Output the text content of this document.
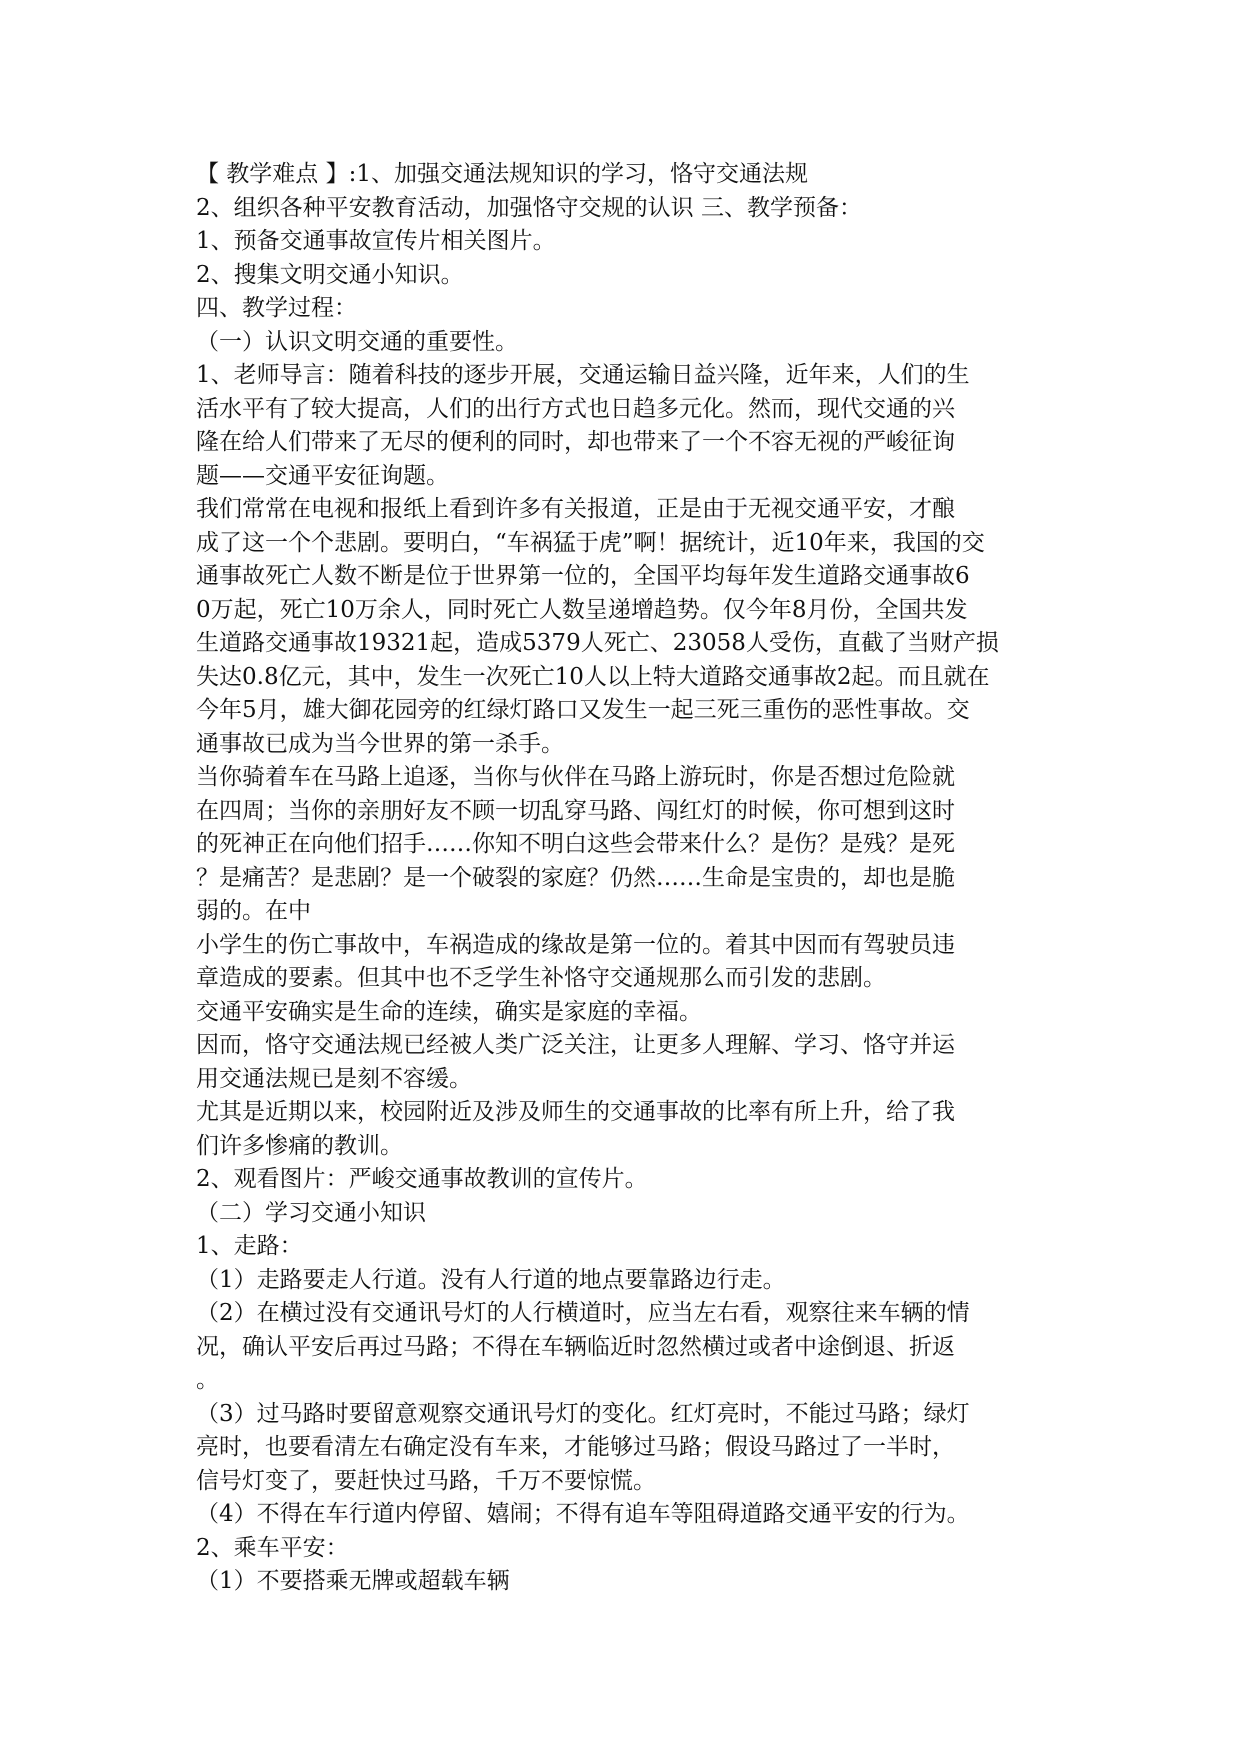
【 教学难点 】:1、加强交通法规知识的学习，恪守交通法规
2、组织各种平安教育活动，加强恪守交规的认识 三、教学预备：
1、预备交通事故宣传片相关图片。
2、搜集文明交通小知识。
四、教学过程：
（一）认识文明交通的重要性。
1、老师导言：随着科技的逐步开展，交通运输日益兴隆，近年来，人们的生
活水平有了较大提高，人们的出行方式也日趋多元化。然而，现代交通的兴
隆在给人们带来了无尽的便利的同时，却也带来了一个不容无视的严峻征询
题——交通平安征询题。
我们常常在电视和报纸上看到许多有关报道，正是由于无视交通平安，才酿
成了这一个个悲剧。要明白，“车祸猛于虎”啊！据统计，近10年来，我国的交
通事故死亡人数不断是位于世界第一位的，全国平均每年发生道路交通事故6
0万起，死亡10万余人，同时死亡人数呈递增趋势。仅今年8月份，全国共发
生道路交通事故19321起，造成5379人死亡、23058人受伤，直截了当财产损
失达0.8亿元，其中，发生一次死亡10人以上特大道路交通事故2起。而且就在
今年5月，雄大御花园旁的红绿灯路口又发生一起三死三重伤的恶性事故。交
通事故已成为当今世界的第一杀手。
当你骑着车在马路上追逐，当你与伙伴在马路上游玩时，你是否想过危险就
在四周；当你的亲朋好友不顾一切乱穿马路、闯红灯的时候，你可想到这时
的死神正在向他们招手……你知不明白这些会带来什么？是伤？是残？是死
？是痛苦？是悲剧？是一个破裂的家庭？仍然……生命是宝贵的，却也是脆
弱的。在中
小学生的伤亡事故中，车祸造成的缘故是第一位的。着其中因而有驾驶员违
章造成的要素。但其中也不乏学生补恪守交通规那么而引发的悲剧。
交通平安确实是生命的连续，确实是家庭的幸福。
因而，恪守交通法规已经被人类广泛关注，让更多人理解、学习、恪守并运
用交通法规已是刻不容缓。
尤其是近期以来，校园附近及涉及师生的交通事故的比率有所上升，给了我
们许多惨痛的教训。
2、观看图片：严峻交通事故教训的宣传片。
（二）学习交通小知识
1、走路：
（1）走路要走人行道。没有人行道的地点要靠路边行走。
（2）在横过没有交通讯号灯的人行横道时，应当左右看，观察往来车辆的情
况，确认平安后再过马路；不得在车辆临近时忽然横过或者中途倒退、折返
。
（3）过马路时要留意观察交通讯号灯的变化。红灯亮时，不能过马路；绿灯
亮时，也要看清左右确定没有车来，才能够过马路；假设马路过了一半时，
信号灯变了，要赶快过马路，千万不要惊慌。
（4）不得在车行道内停留、嬉闹；不得有追车等阻碍道路交通平安的行为。
2、乘车平安：
（1）不要搭乘无牌或超载车辆
